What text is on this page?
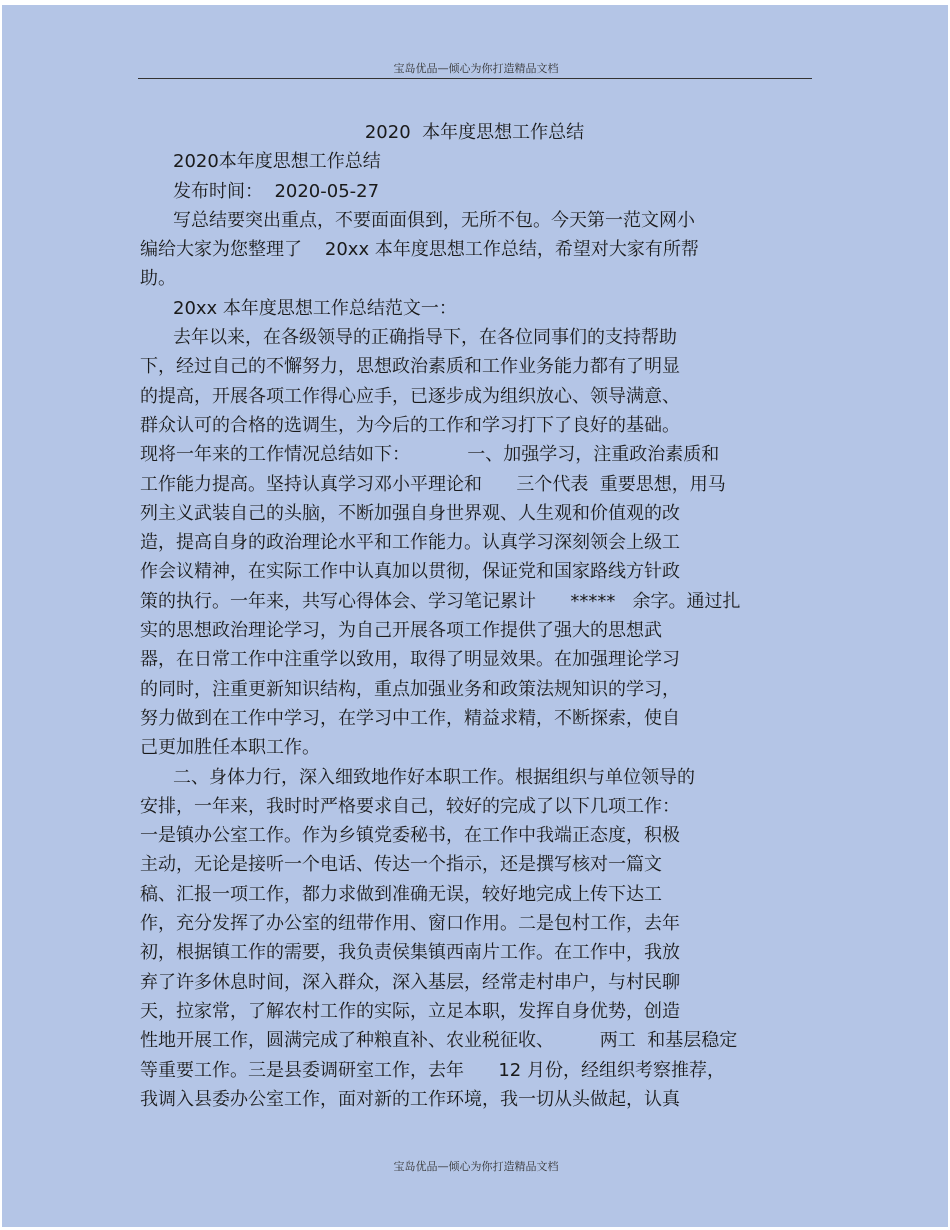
宝岛优品—倾心为你打造精品文档
2020  本年度思想工作总结
2020本年度思想工作总结
发布时间：  2020-05-27
写总结要突出重点，不要面面俱到，无所不包。今天第一范文网小
编给大家为您整理了    20xx 本年度思想工作总结，希望对大家有所帮
助。
20xx 本年度思想工作总结范文一：
去年以来，在各级领导的正确指导下，在各位同事们的支持帮助
下，经过自己的不懈努力，思想政治素质和工作业务能力都有了明显
的提高，开展各项工作得心应手，已逐步成为组织放心、领导满意、
群众认可的合格的选调生，为今后的工作和学习打下了良好的基础。
现将一年来的工作情况总结如下：          一、加强学习，注重政治素质和
工作能力提高。坚持认真学习邓小平理论和      三个代表  重要思想，用马
列主义武装自己的头脑，不断加强自身世界观、人生观和价值观的改
造，提高自身的政治理论水平和工作能力。认真学习深刻领会上级工
作会议精神，在实际工作中认真加以贯彻，保证党和国家路线方针政
策的执行。一年来，共写心得体会、学习笔记累计      *****   余字。通过扎
实的思想政治理论学习，为自己开展各项工作提供了强大的思想武
器，在日常工作中注重学以致用，取得了明显效果。在加强理论学习
的同时，注重更新知识结构，重点加强业务和政策法规知识的学习，
努力做到在工作中学习，在学习中工作，精益求精，不断探索，使自
己更加胜任本职工作。
二、身体力行，深入细致地作好本职工作。根据组织与单位领导的
安排，一年来，我时时严格要求自己，较好的完成了以下几项工作：
一是镇办公室工作。作为乡镇党委秘书，在工作中我端正态度，积极
主动，无论是接听一个电话、传达一个指示，还是撰写核对一篇文
稿、汇报一项工作，都力求做到准确无误，较好地完成上传下达工
作，充分发挥了办公室的纽带作用、窗口作用。二是包村工作，去年
初，根据镇工作的需要，我负责侯集镇西南片工作。在工作中，我放
弃了许多休息时间，深入群众，深入基层，经常走村串户，与村民聊
天，拉家常，了解农村工作的实际，立足本职，发挥自身优势，创造
性地开展工作，圆满完成了种粮直补、农业税征收、        两工  和基层稳定
等重要工作。三是县委调研室工作，去年      12 月份，经组织考察推荐，
我调入县委办公室工作，面对新的工作环境，我一切从头做起，认真
宝岛优品—倾心为你打造精品文档
